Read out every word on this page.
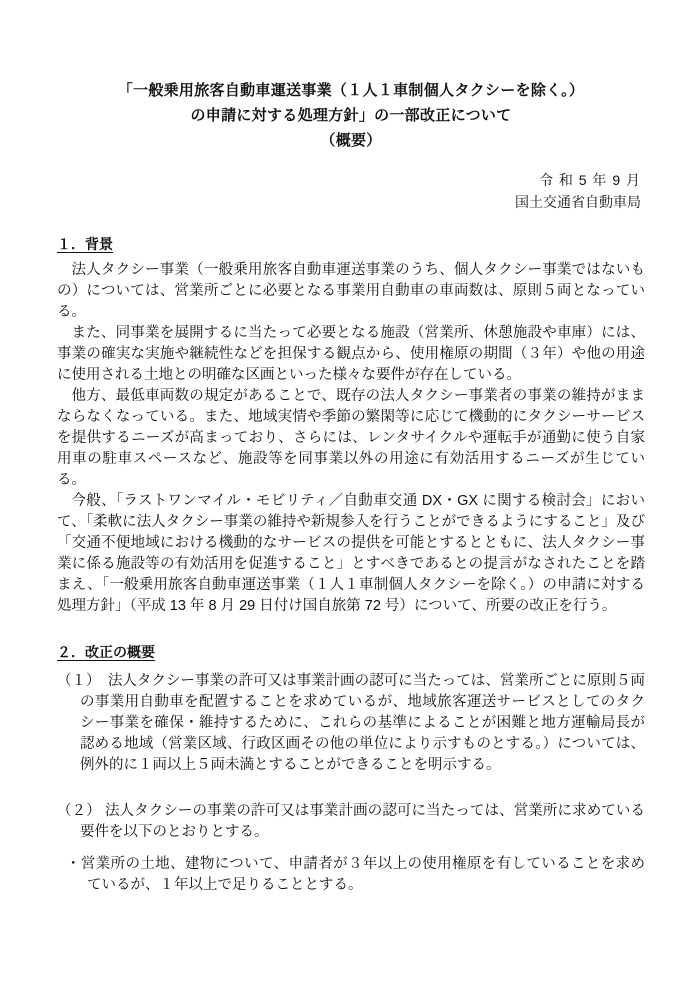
「一般乗用旅客自動車運送事業（１人１車制個人タクシーを除く。）
の申請に対する処理方針」の一部改正について
（概要）
令 和 5 年 9 月
国土交通省自動車局
１．背景

法人タクシー事業（一般乗用旅客自動車運送事業のうち、個人タクシー事業ではないもの）については、営業所ごとに必要となる事業用自動車の車両数は、原則５両となっている。

また、同事業を展開するに当たって必要となる施設（営業所、休憩施設や車庫）には、事業の確実な実施や継続性などを担保する観点から、使用権原の期間（３年）や他の用途に使用される土地との明確な区画といった様々な要件が存在している。

他方、最低車両数の規定があることで、既存の法人タクシー事業者の事業の維持がままならなくなっている。また、地域実情や季節の繁閑等に応じて機動的にタクシーサービスを提供するニーズが高まっており、さらには、レンタサイクルや運転手が通勤に使う自家用車の駐車スペースなど、施設等を同事業以外の用途に有効活用するニーズが生じている。

今般、「ラストワンマイル・モビリティ／自動車交通 DX・GX に関する検討会」において、「柔軟に法人タクシー事業の維持や新規参入を行うことができるようにすること」及び「交通不便地域における機動的なサービスの提供を可能とするとともに、法人タクシー事業に係る施設等の有効活用を促進すること」とすべきであるとの提言がなされたことを踏まえ、「一般乗用旅客自動車運送事業（１人１車制個人タクシーを除く。）の申請に対する処理方針」（平成 13 年 8 月 29 日付け国自旅第 72 号）について、所要の改正を行う。

２．改正の概要

（１）　法人タクシー事業の許可又は事業計画の認可に当たっては、営業所ごとに原則５両の事業用自動車を配置することを求めているが、地域旅客運送サービスとしてのタクシー事業を確保・維持するために、これらの基準によることが困難と地方運輸局長が認める地域（営業区域、行政区画その他の単位により示すものとする。）については、例外的に１両以上５両未満とすることができることを明示する。

（２） 法人タクシーの事業の許可又は事業計画の認可に当たっては、営業所に求めている要件を以下のとおりとする。

・営業所の土地、建物について、申請者が３年以上の使用権原を有していることを求めているが、１年以上で足りることとする。
